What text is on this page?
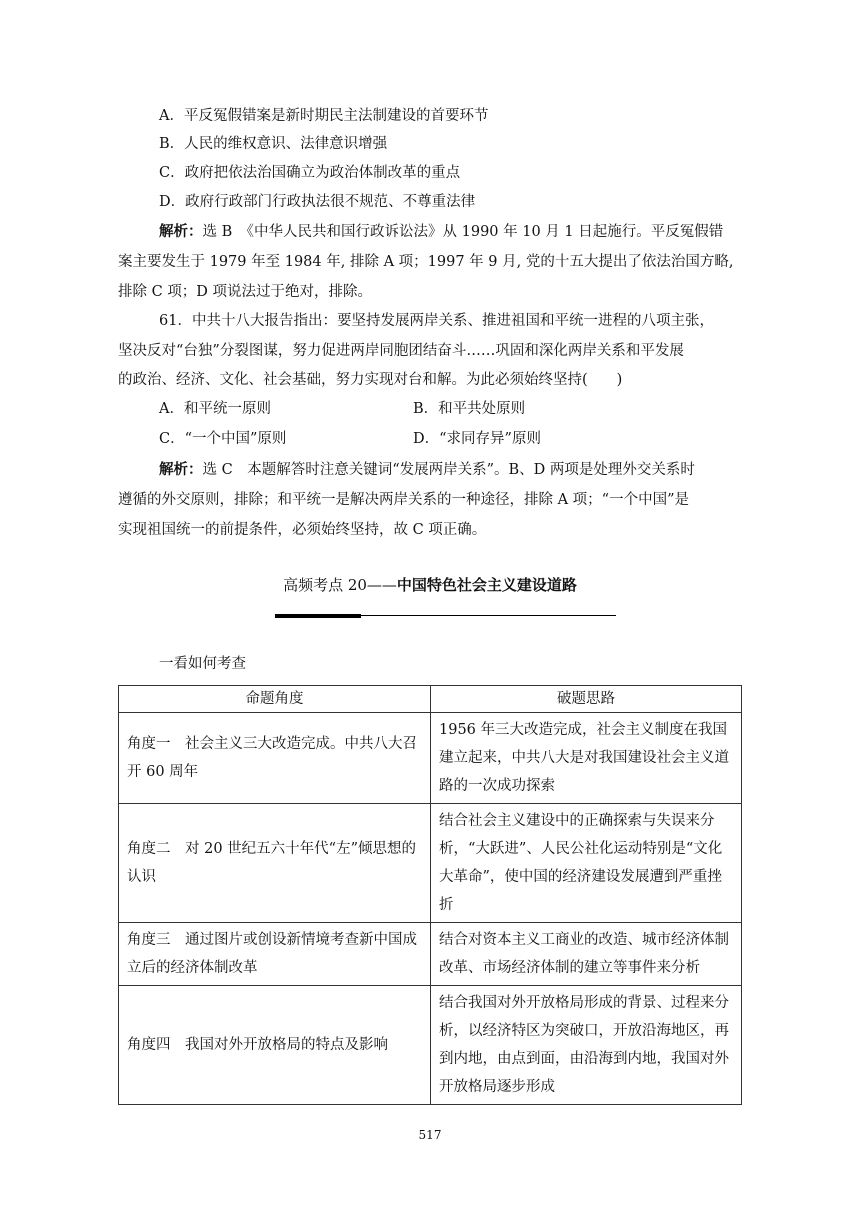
A．平反冤假错案是新时期民主法制建设的首要环节
B．人民的维权意识、法律意识增强
C．政府把依法治国确立为政治体制改革的重点
D．政府行政部门行政执法很不规范、不尊重法律
解析：选 B　《中华人民共和国行政诉讼法》从 1990 年 10 月 1 日起施行。平反冤假错
案主要发生于 1979 年至 1984 年, 排除 A 项；1997 年 9 月, 党的十五大提出了依法治国方略,
排除 C 项；D 项说法过于绝对，排除。
61．中共十八大报告指出：要坚持发展两岸关系、推进祖国和平统一进程的八项主张，
坚决反对“台独”分裂图谋，努力促进两岸同胞团结奋斗……巩固和深化两岸关系和平发展
的政治、经济、文化、社会基础，努力实现对台和解。为此必须始终坚持(　　)
A．和平统一原则	B．和平共处原则
C．“一个中国”原则	D．“求同存异”原则
解析：选 C　本题解答时注意关键词“发展两岸关系”。B、D 两项是处理外交关系时
遵循的外交原则，排除；和平统一是解决两岸关系的一种途径，排除 A 项；“一个中国”是
实现祖国统一的前提条件，必须始终坚持，故 C 项正确。
高频考点 20——中国特色社会主义建设道路
一看如何考查
命题角度	破题思路
角度一　社会主义三大改造完成。中共八大召开 60 周年	1956 年三大改造完成，社会主义制度在我国建立起来，中共八大是对我国建设社会主义道路的一次成功探索
角度二　对 20 世纪五六十年代“左”倾思想的认识	结合社会主义建设中的正确探索与失误来分析，“大跃进”、人民公社化运动特别是“文化大革命”，使中国的经济建设发展遭到严重挫折
角度三　通过图片或创设新情境考查新中国成立后的经济体制改革	结合对资本主义工商业的改造、城市经济体制改革、市场经济体制的建立等事件来分析
角度四　我国对外开放格局的特点及影响	结合我国对外开放格局形成的背景、过程来分析，以经济特区为突破口，开放沿海地区，再到内地，由点到面，由沿海到内地，我国对外开放格局逐步形成
517
